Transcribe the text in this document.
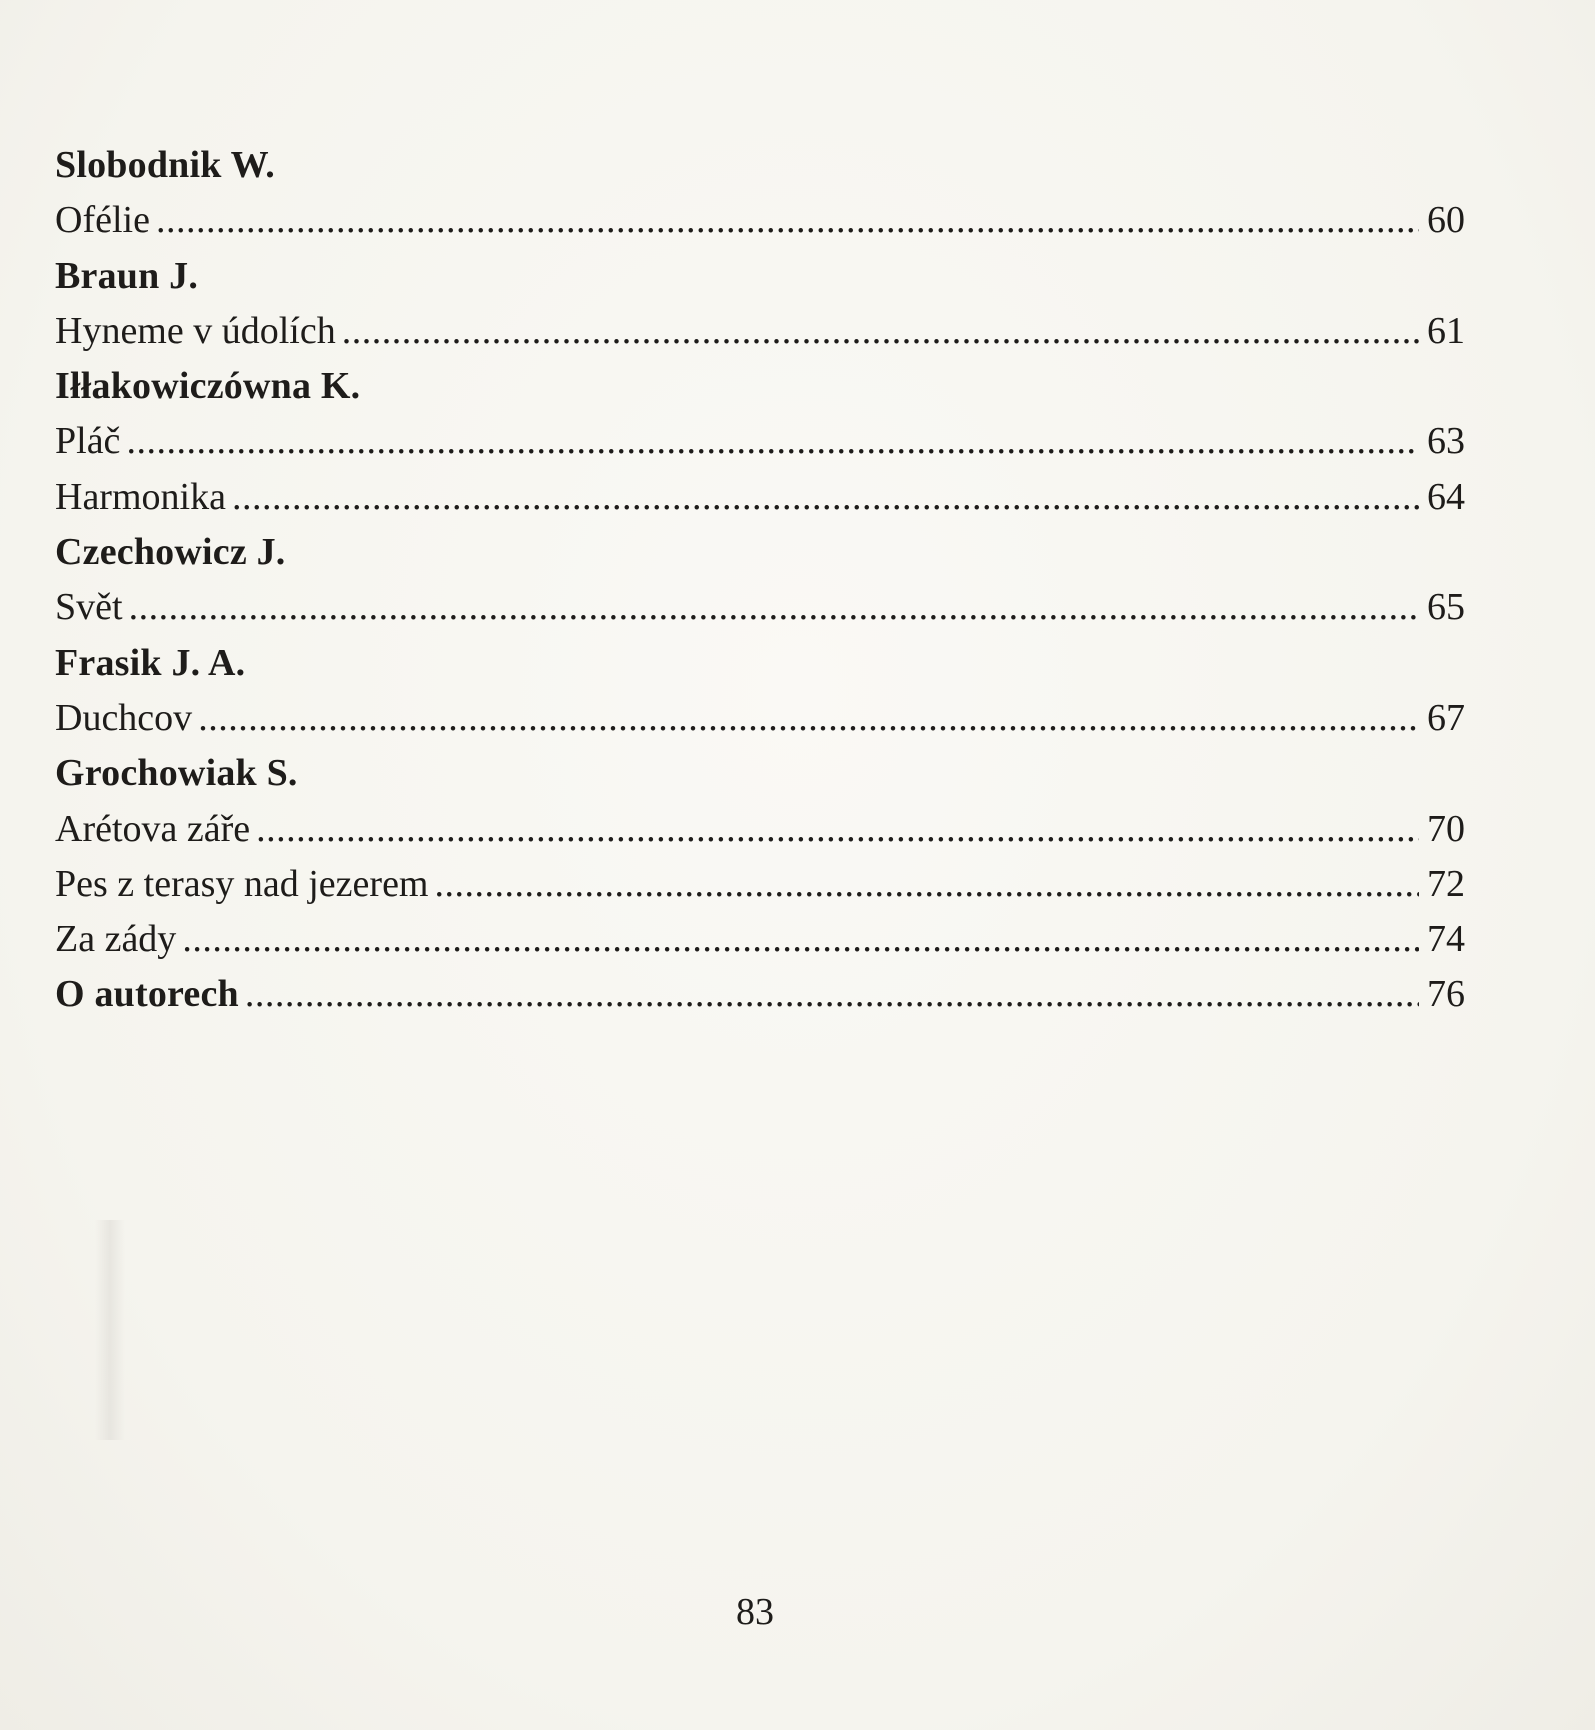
Slobodnik W.
Ofélie .....	60
Braun J.
Hyneme v údolích .....	61
Iłłakowiczówna K.
Pláč .....	63
Harmonika .....	64
Czechowicz J.
Svět .....	65
Frasik J. A.
Duchcov .....	67
Grochowiak S.
Arétova záře .....	70
Pes z terasy nad jezerem .....	72
Za zády .....	74
O autorech .....	76
83
